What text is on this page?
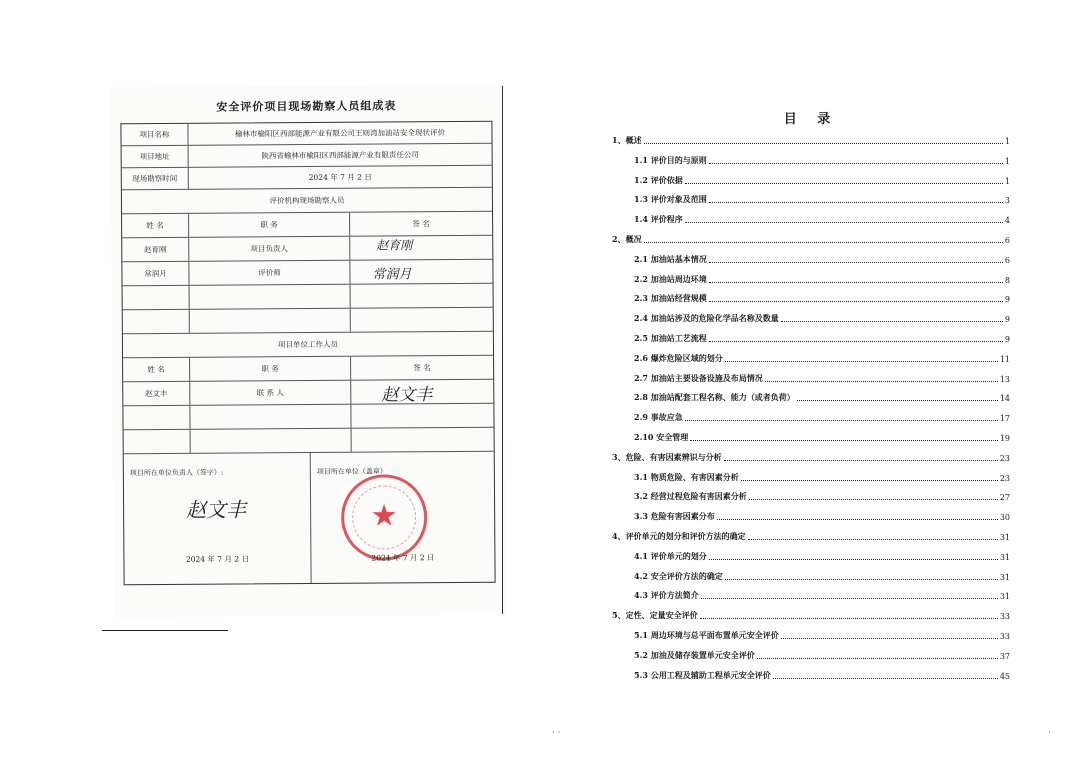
安全评价项目现场勘察人员组成表
项目名称	榆林市榆阳区西部能源产业有限公司王则湾加油站安全现状评价
项目地址	陕西省榆林市榆阳区西部能源产业有限责任公司
现场勘察时间	2024 年 7 月 2 日
评价机构现场勘察人员
姓 名	职 务	签 名
赵育刚	项目负责人	赵育刚
常润月	评价师	常润月
项目单位工作人员
姓 名	职 务	签 名
赵文丰	联 系 人	赵文丰
项目所在单位负责人（签字）:
赵文丰
2024 年 7 月 2 日
项目所在单位（盖章）
★
2024 年 7 月 2 日
· ·	·
目 录
1、概述	1
1.1 评价目的与原则	1
1.2 评价依据	1
1.3 评价对象及范围	3
1.4 评价程序	4
2、概况	6
2.1 加油站基本情况	6
2.2 加油站周边环境	8
2.3 加油站经营规模	9
2.4 加油站涉及的危险化学品名称及数量	9
2.5 加油站工艺流程	9
2.6 爆炸危险区域的划分	11
2.7 加油站主要设备设施及布局情况	13
2.8 加油站配套工程名称、能力（或者负荷）	14
2.9 事故应急	17
2.10 安全管理	19
3、危险、有害因素辨识与分析	23
3.1 物质危险、有害因素分析	23
3.2 经营过程危险有害因素分析	27
3.3 危险有害因素分布	30
4、评价单元的划分和评价方法的确定	31
4.1 评价单元的划分	31
4.2 安全评价方法的确定	31
4.3 评价方法简介	31
5、定性、定量安全评价	33
5.1 周边环境与总平面布置单元安全评价	33
5.2 加油及储存装置单元安全评价	37
5.3 公用工程及辅助工程单元安全评价	45
